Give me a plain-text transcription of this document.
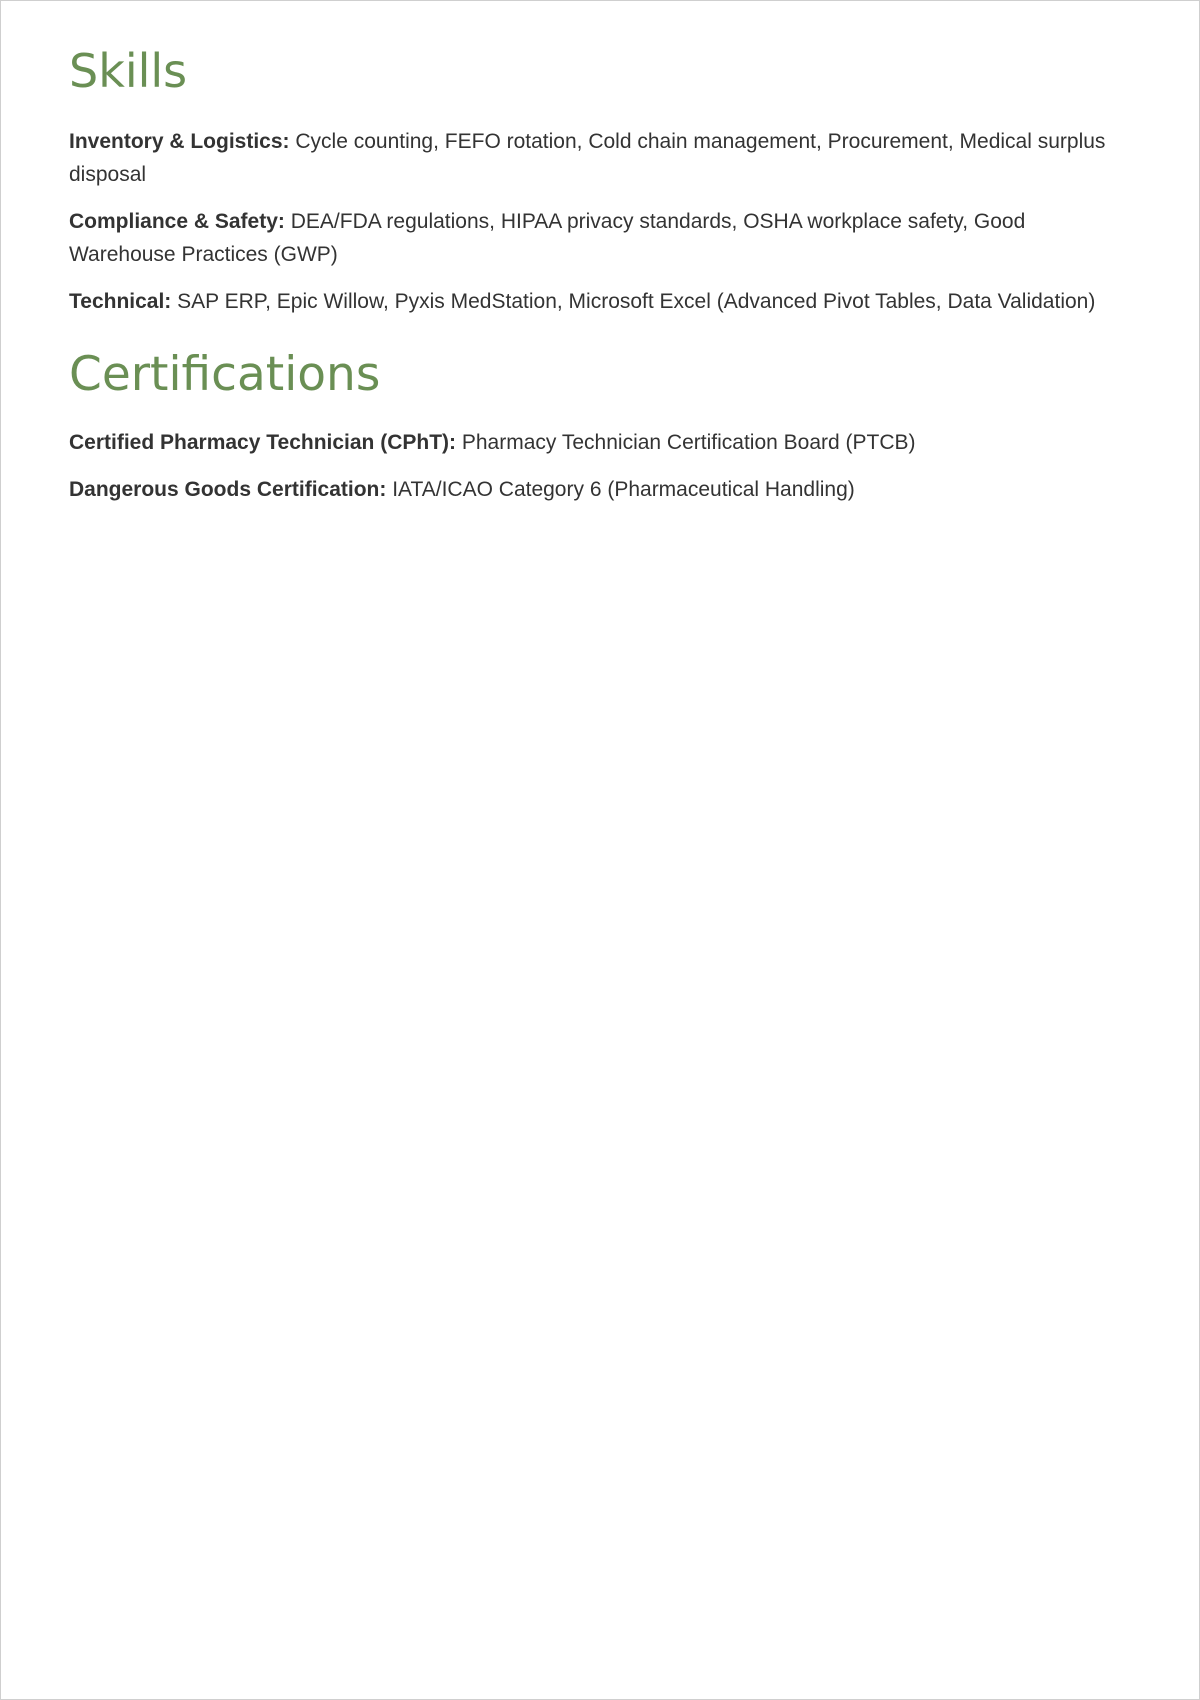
Skills

Inventory & Logistics: Cycle counting, FEFO rotation, Cold chain management, Procurement, Medical surplus disposal

Compliance & Safety: DEA/FDA regulations, HIPAA privacy standards, OSHA workplace safety, Good Warehouse Practices (GWP)

Technical: SAP ERP, Epic Willow, Pyxis MedStation, Microsoft Excel (Advanced Pivot Tables, Data Validation)

Certifications

Certified Pharmacy Technician (CPhT): Pharmacy Technician Certification Board (PTCB)

Dangerous Goods Certification: IATA/ICAO Category 6 (Pharmaceutical Handling)
